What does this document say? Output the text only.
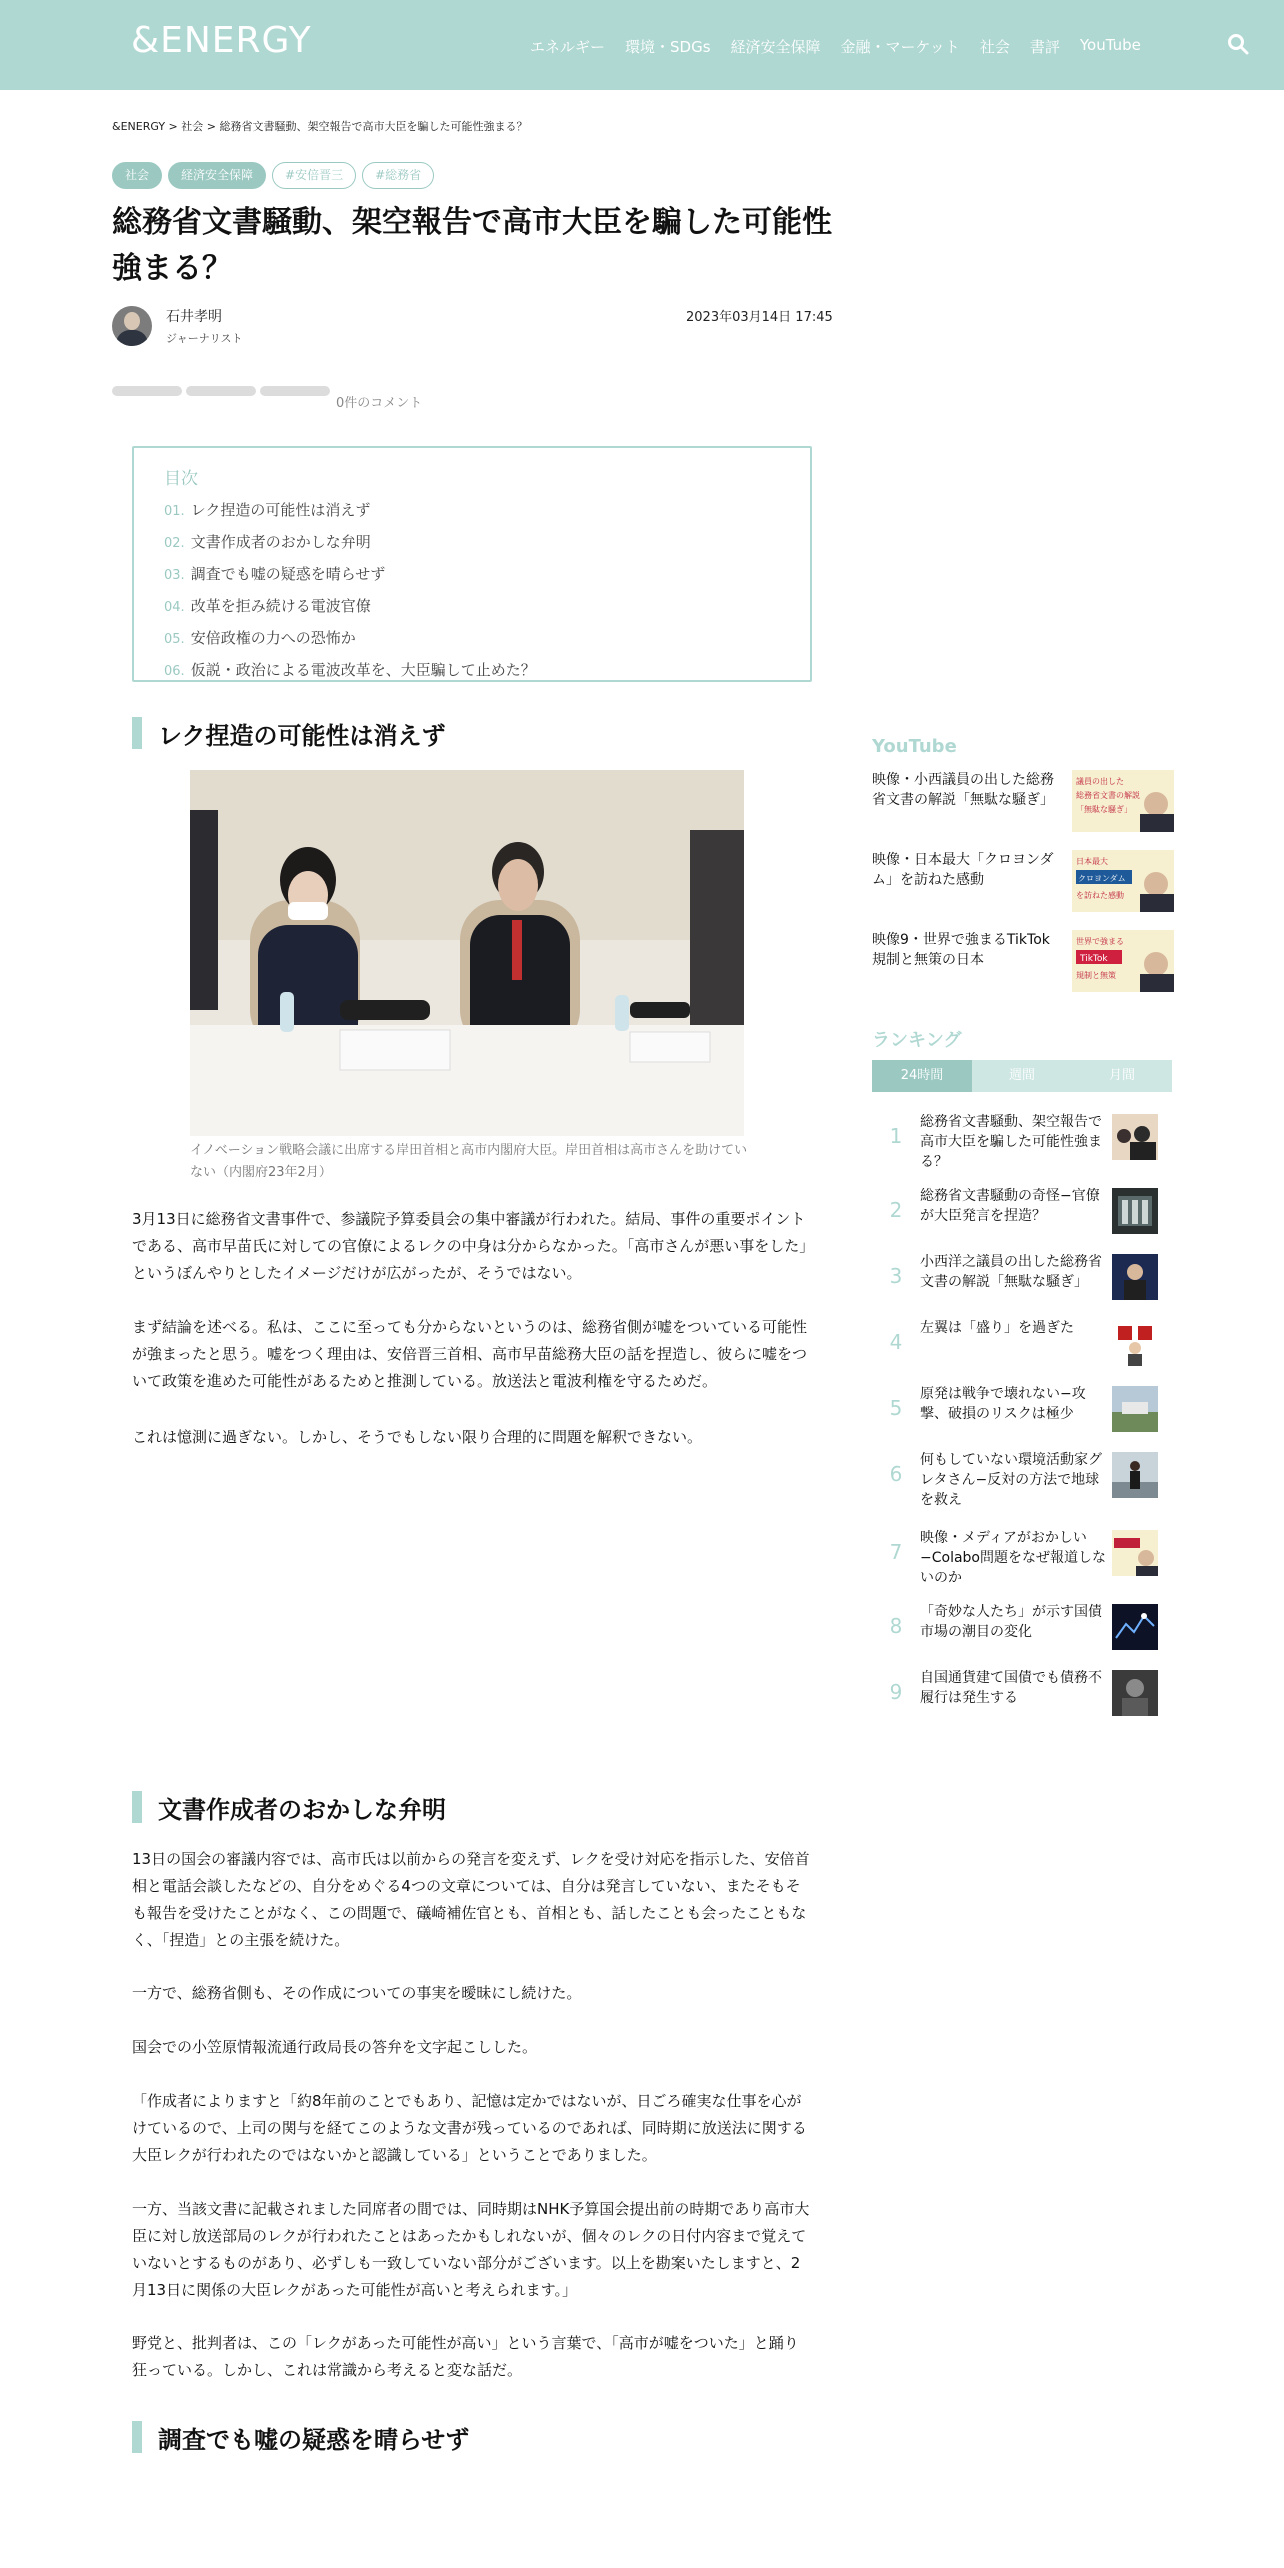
&ENERGY	エネルギー 環境・SDGs 経済安全保障 金融・マーケット 社会 書評 YouTube
&ENERGY > 社会 > 総務省文書騒動、架空報告で高市大臣を騙した可能性強まる？
社会	経済安全保障	#安倍晋三	#総務省
総務省文書騒動、架空報告で高市大臣を騙した可能性強まる？
石井孝明
ジャーナリスト
2023年03月14日 17:45
0件のコメント
目次
01. レク捏造の可能性は消えず
02. 文書作成者のおかしな弁明
03. 調査でも嘘の疑惑を晴らせず
04. 改革を拒み続ける電波官僚
05. 安倍政権の力への恐怖か
06. 仮説・政治による電波改革を、大臣騙して止めた？
レク捏造の可能性は消えず
イノベーション戦略会議に出席する岸田首相と高市内閣府大臣。岸田首相は高市さんを助けていない（内閣府23年2月）

3月13日に総務省文書事件で、参議院予算委員会の集中審議が行われた。結局、事件の重要ポイントである、高市早苗氏に対しての官僚によるレクの中身は分からなかった。「高市さんが悪い事をした」というぼんやりとしたイメージだけが広がったが、そうではない。

まず結論を述べる。私は、ここに至っても分からないというのは、総務省側が嘘をついている可能性が強まったと思う。嘘をつく理由は、安倍晋三首相、高市早苗総務大臣の話を捏造し、彼らに嘘をついて政策を進めた可能性があるためと推測している。放送法と電波利権を守るためだ。

これは憶測に過ぎない。しかし、そうでもしない限り合理的に問題を解釈できない。

文書作成者のおかしな弁明

13日の国会の審議内容では、高市氏は以前からの発言を変えず、レクを受け対応を指示した、安倍首相と電話会談したなどの、自分をめぐる4つの文章については、自分は発言していない、またそもそも報告を受けたことがなく、この問題で、礒崎補佐官とも、首相とも、話したことも会ったこともなく、「捏造」との主張を続けた。

一方で、総務省側も、その作成についての事実を曖昧にし続けた。

国会での小笠原情報流通行政局長の答弁を文字起こしした。

「作成者によりますと「約8年前のことでもあり、記憶は定かではないが、日ごろ確実な仕事を心がけているので、上司の関与を経てこのような文書が残っているのであれば、同時期に放送法に関する大臣レクが行われたのではないかと認識している」ということでありました。

一方、当該文書に記載されました同席者の間では、同時期はNHK予算国会提出前の時期であり高市大臣に対し放送部局のレクが行われたことはあったかもしれないが、個々のレクの日付内容まで覚えていないとするものがあり、必ずしも一致していない部分がございます。以上を勘案いたしますと、2月13日に関係の大臣レクがあった可能性が高いと考えられます。」

野党と、批判者は、この「レクがあった可能性が高い」という言葉で、「高市が嘘をついた」と踊り狂っている。しかし、これは常識から考えると変な話だ。

調査でも嘘の疑惑を晴らせず
YouTube
映像・小西議員の出した総務省文書の解説「無駄な騒ぎ」
議員の出した
総務省文書の解説
「無駄な騒ぎ」
映像・日本最大「クロヨンダム」を訪ねた感動
日本最大
クロヨンダム
を訪ねた感動
映像9・世界で強まるTikTok規制と無策の日本
世界で強まる
TikTok
規制と無策
ランキング
24時間	週間	月間
1
総務省文書騒動、架空報告で高市大臣を騙した可能性強まる？
2
総務省文書騒動の奇怪−官僚が大臣発言を捏造？
3
小西洋之議員の出した総務省文書の解説「無駄な騒ぎ」
4
左翼は「盛り」を過ぎた
5
原発は戦争で壊れない−攻撃、破損のリスクは極少
6
何もしていない環境活動家グレタさん−反対の方法で地球を救え
7
映像・メディアがおかしい−Colabo問題をなぜ報道しないのか
8
「奇妙な人たち」が示す国債市場の潮目の変化
9
自国通貨建て国債でも債務不履行は発生する
